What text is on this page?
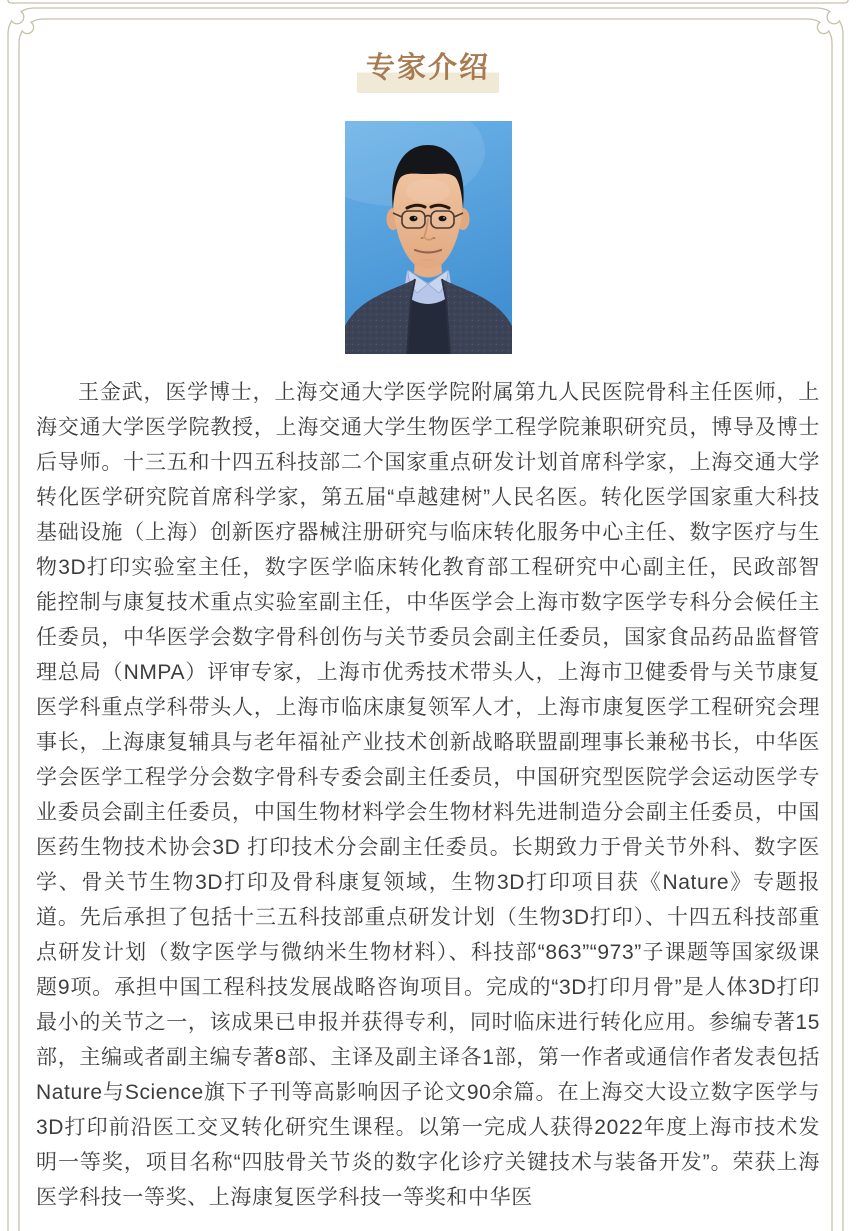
专家介绍

王金武，医学博士，上海交通大学医学院附属第九人民医院骨科主任医师，上海交通大学医学院教授，上海交通大学生物医学工程学院兼职研究员，博导及博士后导师。十三五和十四五科技部二个国家重点研发计划首席科学家，上海交通大学转化医学研究院首席科学家，第五届“卓越建树”人民名医。转化医学国家重大科技基础设施（上海）创新医疗器械注册研究与临床转化服务中心主任、数字医疗与生物3D打印实验室主任，数字医学临床转化教育部工程研究中心副主任，民政部智能控制与康复技术重点实验室副主任，中华医学会上海市数字医学专科分会候任主任委员，中华医学会数字骨科创伤与关节委员会副主任委员，国家食品药品监督管理总局（NMPA）评审专家，上海市优秀技术带头人，上海市卫健委骨与关节康复医学科重点学科带头人，上海市临床康复领军人才，上海市康复医学工程研究会理事长，上海康复辅具与老年福祉产业技术创新战略联盟副理事长兼秘书长，中华医学会医学工程学分会数字骨科专委会副主任委员，中国研究型医院学会运动医学专业委员会副主任委员，中国生物材料学会生物材料先进制造分会副主任委员，中国医药生物技术协会3D 打印技术分会副主任委员。长期致力于骨关节外科、数字医学、骨关节生物3D打印及骨科康复领域，生物3D打印项目获《Nature》专题报道。先后承担了包括十三五科技部重点研发计划（生物3D打印）、十四五科技部重点研发计划（数字医学与微纳米生物材料）、科技部“863”“973”子课题等国家级课题9项。承担中国工程科技发展战略咨询项目。完成的“3D打印月骨”是人体3D打印最小的关节之一，该成果已申报并获得专利，同时临床进行转化应用。参编专著15部，主编或者副主编专著8部、主译及副主译各1部，第一作者或通信作者发表包括Nature与Science旗下子刊等高影响因子论文90余篇。在上海交大设立数字医学与3D打印前沿医工交叉转化研究生课程。以第一完成人获得2022年度上海市技术发明一等奖，项目名称“四肢骨关节炎的数字化诊疗关键技术与装备开发”。荣获上海医学科技一等奖、上海康复医学科技一等奖和中华医
